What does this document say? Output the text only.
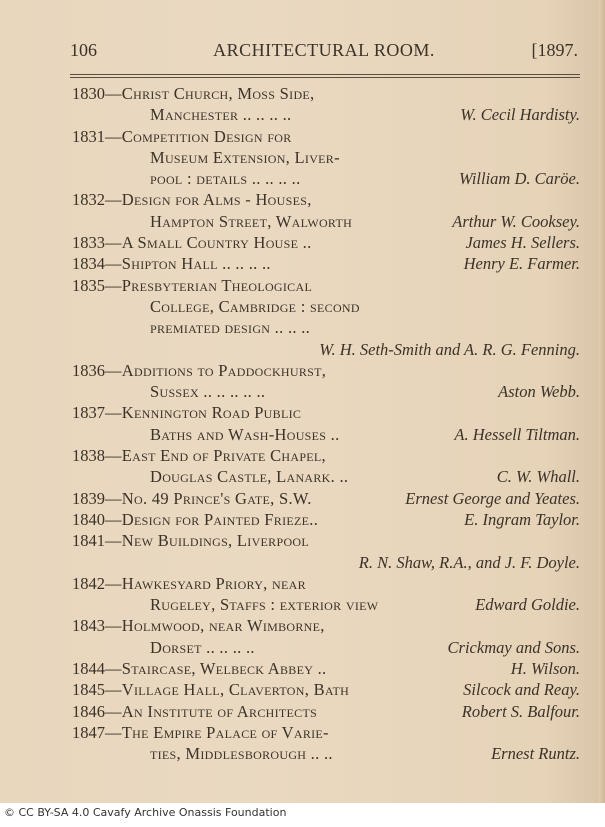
106	ARCHITECTURAL ROOM.	[1897.
1830—Christ Church, Moss Side,
Manchester .. .. .. ..	W. Cecil Hardisty.
1831—Competition Design for
Museum Extension, Liver-
pool : details .. .. .. ..	William D. Caröe.
1832—Design for Alms - Houses,
Hampton Street, Walworth	Arthur W. Cooksey.
1833—A Small Country House ..	James H. Sellers.
1834—Shipton Hall .. .. .. ..	Henry E. Farmer.
1835—Presbyterian Theological
College, Cambridge : second
premiated design .. .. ..
W. H. Seth-Smith and A. R. G. Fenning.
1836—Additions to Paddockhurst,
Sussex .. .. .. .. ..	Aston Webb.
1837—Kennington Road Public
Baths and Wash-Houses ..	A. Hessell Tiltman.
1838—East End of Private Chapel,
Douglas Castle, Lanark. ..	C. W. Whall.
1839—No. 49 Prince's Gate, S.W.	Ernest George and Yeates.
1840—Design for Painted Frieze..	E. Ingram Taylor.
1841—New Buildings, Liverpool
R. N. Shaw, R.A., and J. F. Doyle.
1842—Hawkesyard Priory, near
Rugeley, Staffs : exterior view	Edward Goldie.
1843—Holmwood, near Wimborne,
Dorset .. .. .. ..	Crickmay and Sons.
1844—Staircase, Welbeck Abbey ..	H. Wilson.
1845—Village Hall, Claverton, Bath	Silcock and Reay.
1846—An Institute of Architects	Robert S. Balfour.
1847—The Empire Palace of Varie-
ties, Middlesborough .. ..	Ernest Runtz.
© CC BY-SA 4.0 Cavafy Archive Onassis Foundation
